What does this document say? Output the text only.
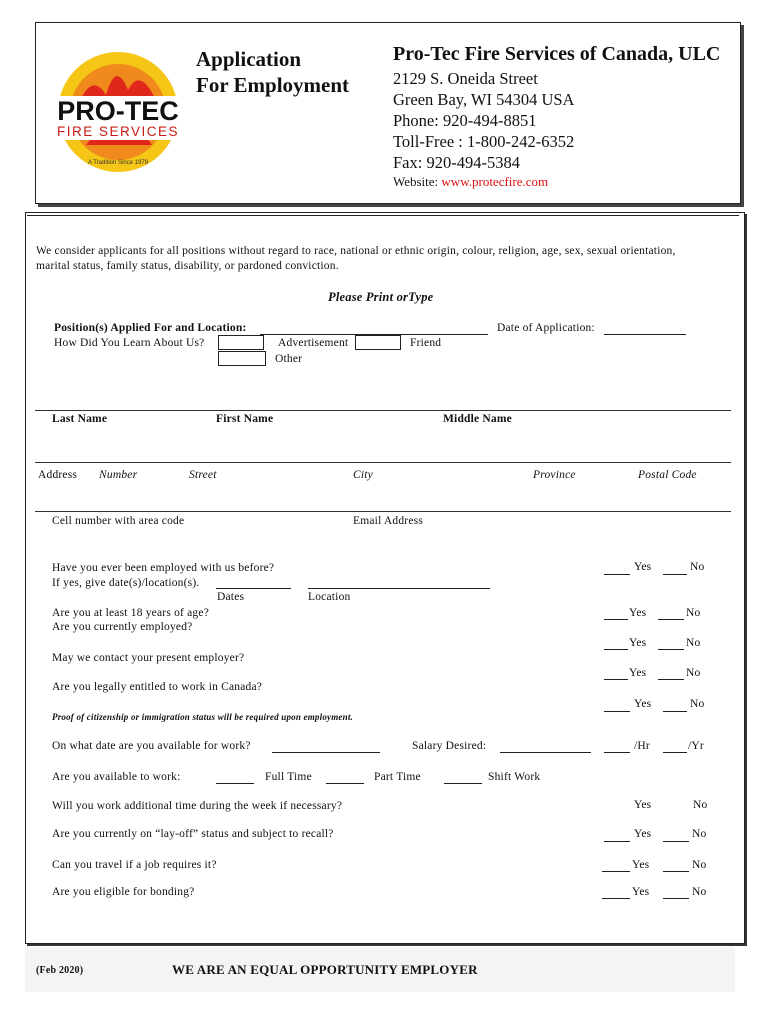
PRO-TEC
FIRE SERVICES
A Tradition Since 1979
Application
For Employment
Pro-Tec Fire Services of Canada, ULC
2129 S. Oneida Street
Green Bay, WI 54304 USA
Phone: 920-494-8851
Toll-Free : 1-800-242-6352
Fax: 920-494-5384
Website: www.protecfire.com
We consider applicants for all positions without regard to race, national or ethnic origin, colour, religion, age, sex, sexual orientation,
marital status, family status, disability, or pardoned conviction.
Please Print orType
Position(s) Applied For and Location:	Date of Application:
How Did You Learn About Us?	Advertisement	Friend
Other
Last Name	First Name	Middle Name
Address Number	Street	City	Province	Postal Code
Cell number with area code	Email Address
Have you ever been employed with us before?	Yes	No
If yes, give date(s)/location(s).
Dates	Location
Are you at least 18 years of age?	Yes	No
Are you currently employed?
Yes	No
May we contact your present employer?
Yes	No
Are you legally entitled to work in Canada?
Yes	No
Proof of citizenship or immigration status will be required upon employment.
On what date are you available for work?	Salary Desired:	/Hr	/Yr
Are you available to work:	Full Time	Part Time	Shift Work
Will you work additional time during the week if necessary?	Yes	No
Are you currently on “lay-off” status and subject to recall?	Yes	No
Can you travel if a job requires it?	Yes	No
Are you eligible for bonding?	Yes	No
(Feb 2020)	WE ARE AN EQUAL OPPORTUNITY EMPLOYER
